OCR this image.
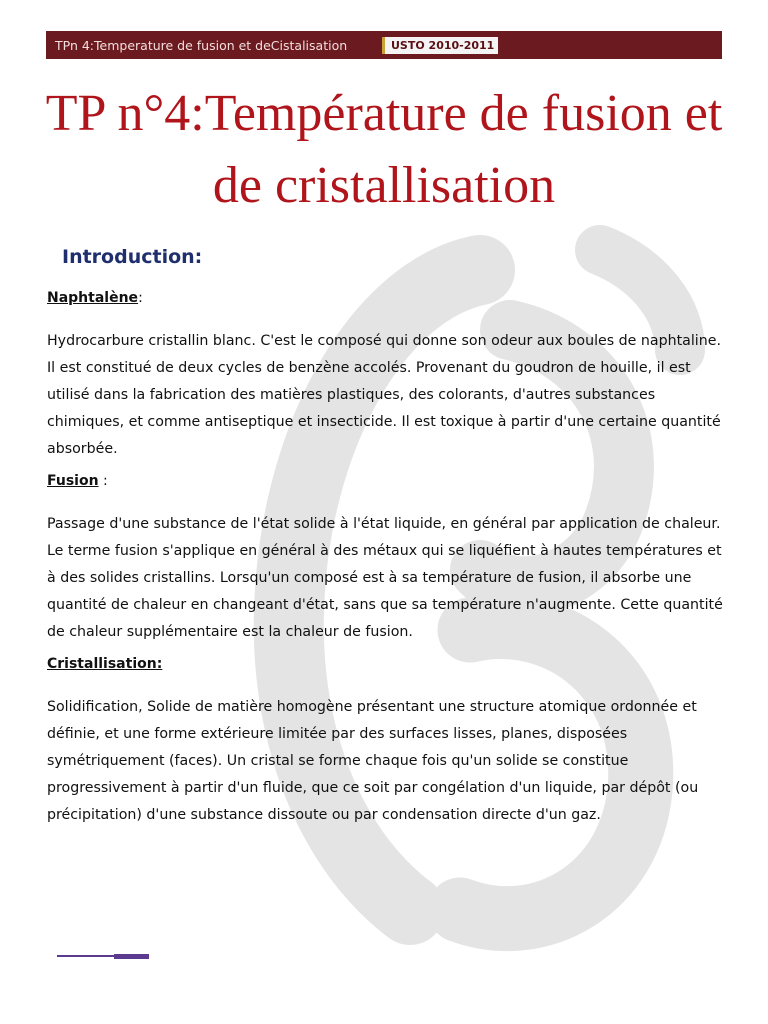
TPn 4:Temperature de fusion et deCistalisation	USTO 2010-2011
TP n°4:Température de fusion et de cristallisation
Introduction:

Naphtalène:

Hydrocarbure cristallin blanc. C'est le composé qui donne son odeur aux boules de naphtaline. Il est constitué de deux cycles de benzène accolés. Provenant du goudron de houille, il est utilisé dans la fabrication des matières plastiques, des colorants, d'autres substances chimiques, et comme antiseptique et insecticide. Il est toxique à partir d'une certaine quantité absorbée.

Fusion :

Passage d'une substance de l'état solide à l'état liquide, en général par application de chaleur. Le terme fusion s'applique en général à des métaux qui se liquéfient à hautes températures et à des solides cristallins. Lorsqu'un composé est à sa température de fusion, il absorbe une quantité de chaleur en changeant d'état, sans que sa température n'augmente. Cette quantité de chaleur supplémentaire est la chaleur de fusion.

Cristallisation:

Solidification, Solide de matière homogène présentant une structure atomique ordonnée et définie, et une forme extérieure limitée par des surfaces lisses, planes, disposées symétriquement (faces). Un cristal se forme chaque fois qu'un solide se constitue progressivement à partir d'un fluide, que ce soit par congélation d'un liquide, par dépôt (ou précipitation) d'une substance dissoute ou par condensation directe d'un gaz.
